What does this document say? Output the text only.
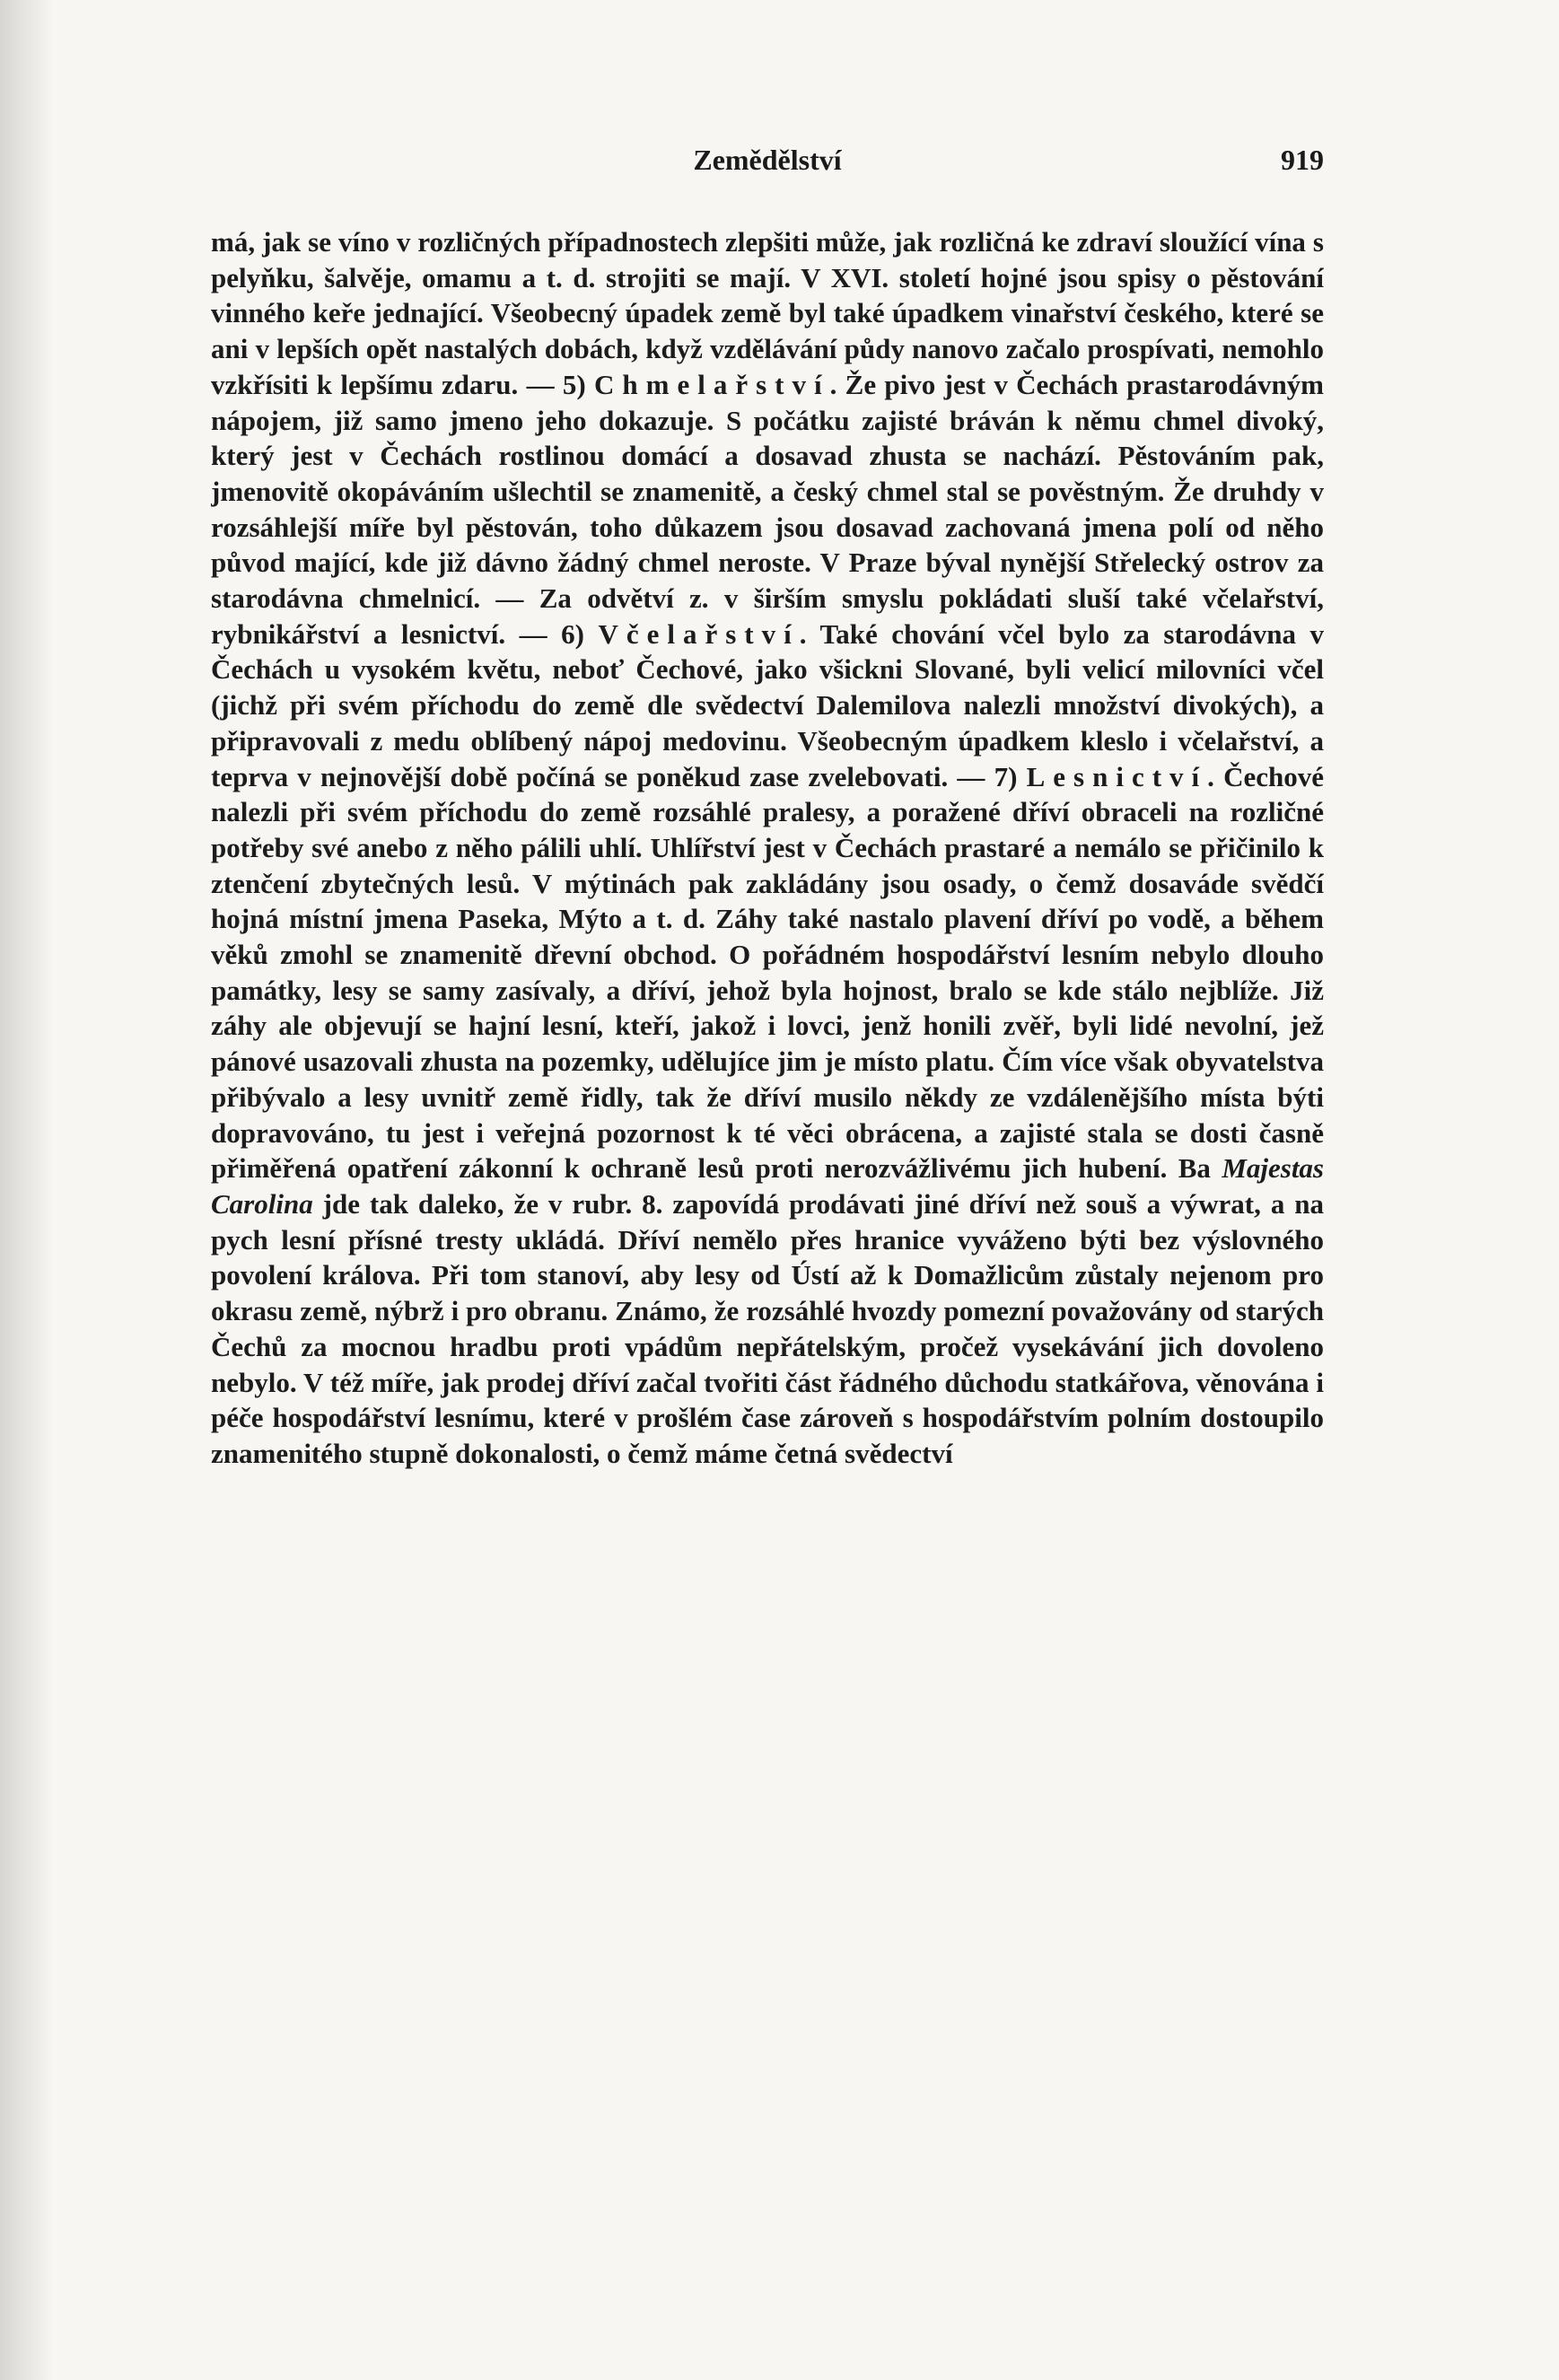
Zemědělství	919

má, jak se víno v rozličných případnostech zlepšiti může, jak rozličná ke zdraví sloužící vína s pelyňku, šalvěje, omamu a t. d. strojiti se mají. V XVI. století hojné jsou spisy o pěstování vinného keře jednající. Všeobecný úpadek země byl také úpadkem vinařství českého, které se ani v lepších opět nastalých dobách, když vzdělávání půdy nanovo začalo prospívati, nemohlo vzkřísiti k lepšímu zdaru. — 5) Chmelařství. Že pivo jest v Čechách prastarodávným nápojem, již samo jmeno jeho dokazuje. S počátku zajisté bráván k němu chmel divoký, který jest v Čechách rostlinou domácí a dosavad zhusta se nachází. Pěstováním pak, jmenovitě okopáváním ušlechtil se znamenitě, a český chmel stal se pověstným. Že druhdy v rozsáhlejší míře byl pěstován, toho důkazem jsou dosavad zachovaná jmena polí od něho původ mající, kde již dávno žádný chmel neroste. V Praze býval nynější Střelecký ostrov za starodávna chmelnicí. — Za odvětví z. v širším smyslu pokládati sluší také včelařství, rybnikářství a lesnictví. — 6) Včelařství. Také chování včel bylo za starodávna v Čechách u vysokém květu, neboť Čechové, jako všickni Slované, byli velicí milovníci včel (jichž při svém příchodu do země dle svědectví Dalemilova nalezli množství divokých), a připravovali z medu oblíbený nápoj medovinu. Všeobecným úpadkem kleslo i včelařství, a teprva v nejnovější době počíná se poněkud zase zvelebovati. — 7) Lesnictví. Čechové nalezli při svém příchodu do země rozsáhlé pralesy, a poražené dříví obraceli na rozličné potřeby své anebo z něho pálili uhlí. Uhlířství jest v Čechách prastaré a nemálo se přičinilo k ztenčení zbytečných lesů. V mýtinách pak zakládány jsou osady, o čemž dosaváde svědčí hojná místní jmena Paseka, Mýto a t. d. Záhy také nastalo plavení dříví po vodě, a během věků zmohl se znamenitě dřevní obchod. O pořádném hospodářství lesním nebylo dlouho památky, lesy se samy zasívaly, a dříví, jehož byla hojnost, bralo se kde stálo nejblíže. Již záhy ale objevují se hajní lesní, kteří, jakož i lovci, jenž honili zvěř, byli lidé nevolní, jež pánové usazovali zhusta na pozemky, udělujíce jim je místo platu. Čím více však obyvatelstva přibývalo a lesy uvnitř země řidly, tak že dříví musilo někdy ze vzdálenějšího místa býti dopravováno, tu jest i veřejná pozornost k té věci obrácena, a zajisté stala se dosti časně přiměřená opatření zákonní k ochraně lesů proti nerozvážlivému jich hubení. Ba Majestas Carolina jde tak daleko, že v rubr. 8. zapovídá prodávati jiné dříví než souš a výwrat, a na pych lesní přísné tresty ukládá. Dříví nemělo přes hranice vyváženo býti bez výslovného povolení králova. Při tom stanoví, aby lesy od Ústí až k Domažlicům zůstaly nejenom pro okrasu země, nýbrž i pro obranu. Známo, že rozsáhlé hvozdy pomezní považovány od starých Čechů za mocnou hradbu proti vpádům nepřátelským, pročež vysekávání jich dovoleno nebylo. V též míře, jak prodej dříví začal tvořiti část řádného důchodu statkářova, věnována i péče hospodářství lesnímu, které v prošlém čase zároveň s hospodářstvím polním dostoupilo znamenitého stupně dokonalosti, o čemž máme četná svědectví
